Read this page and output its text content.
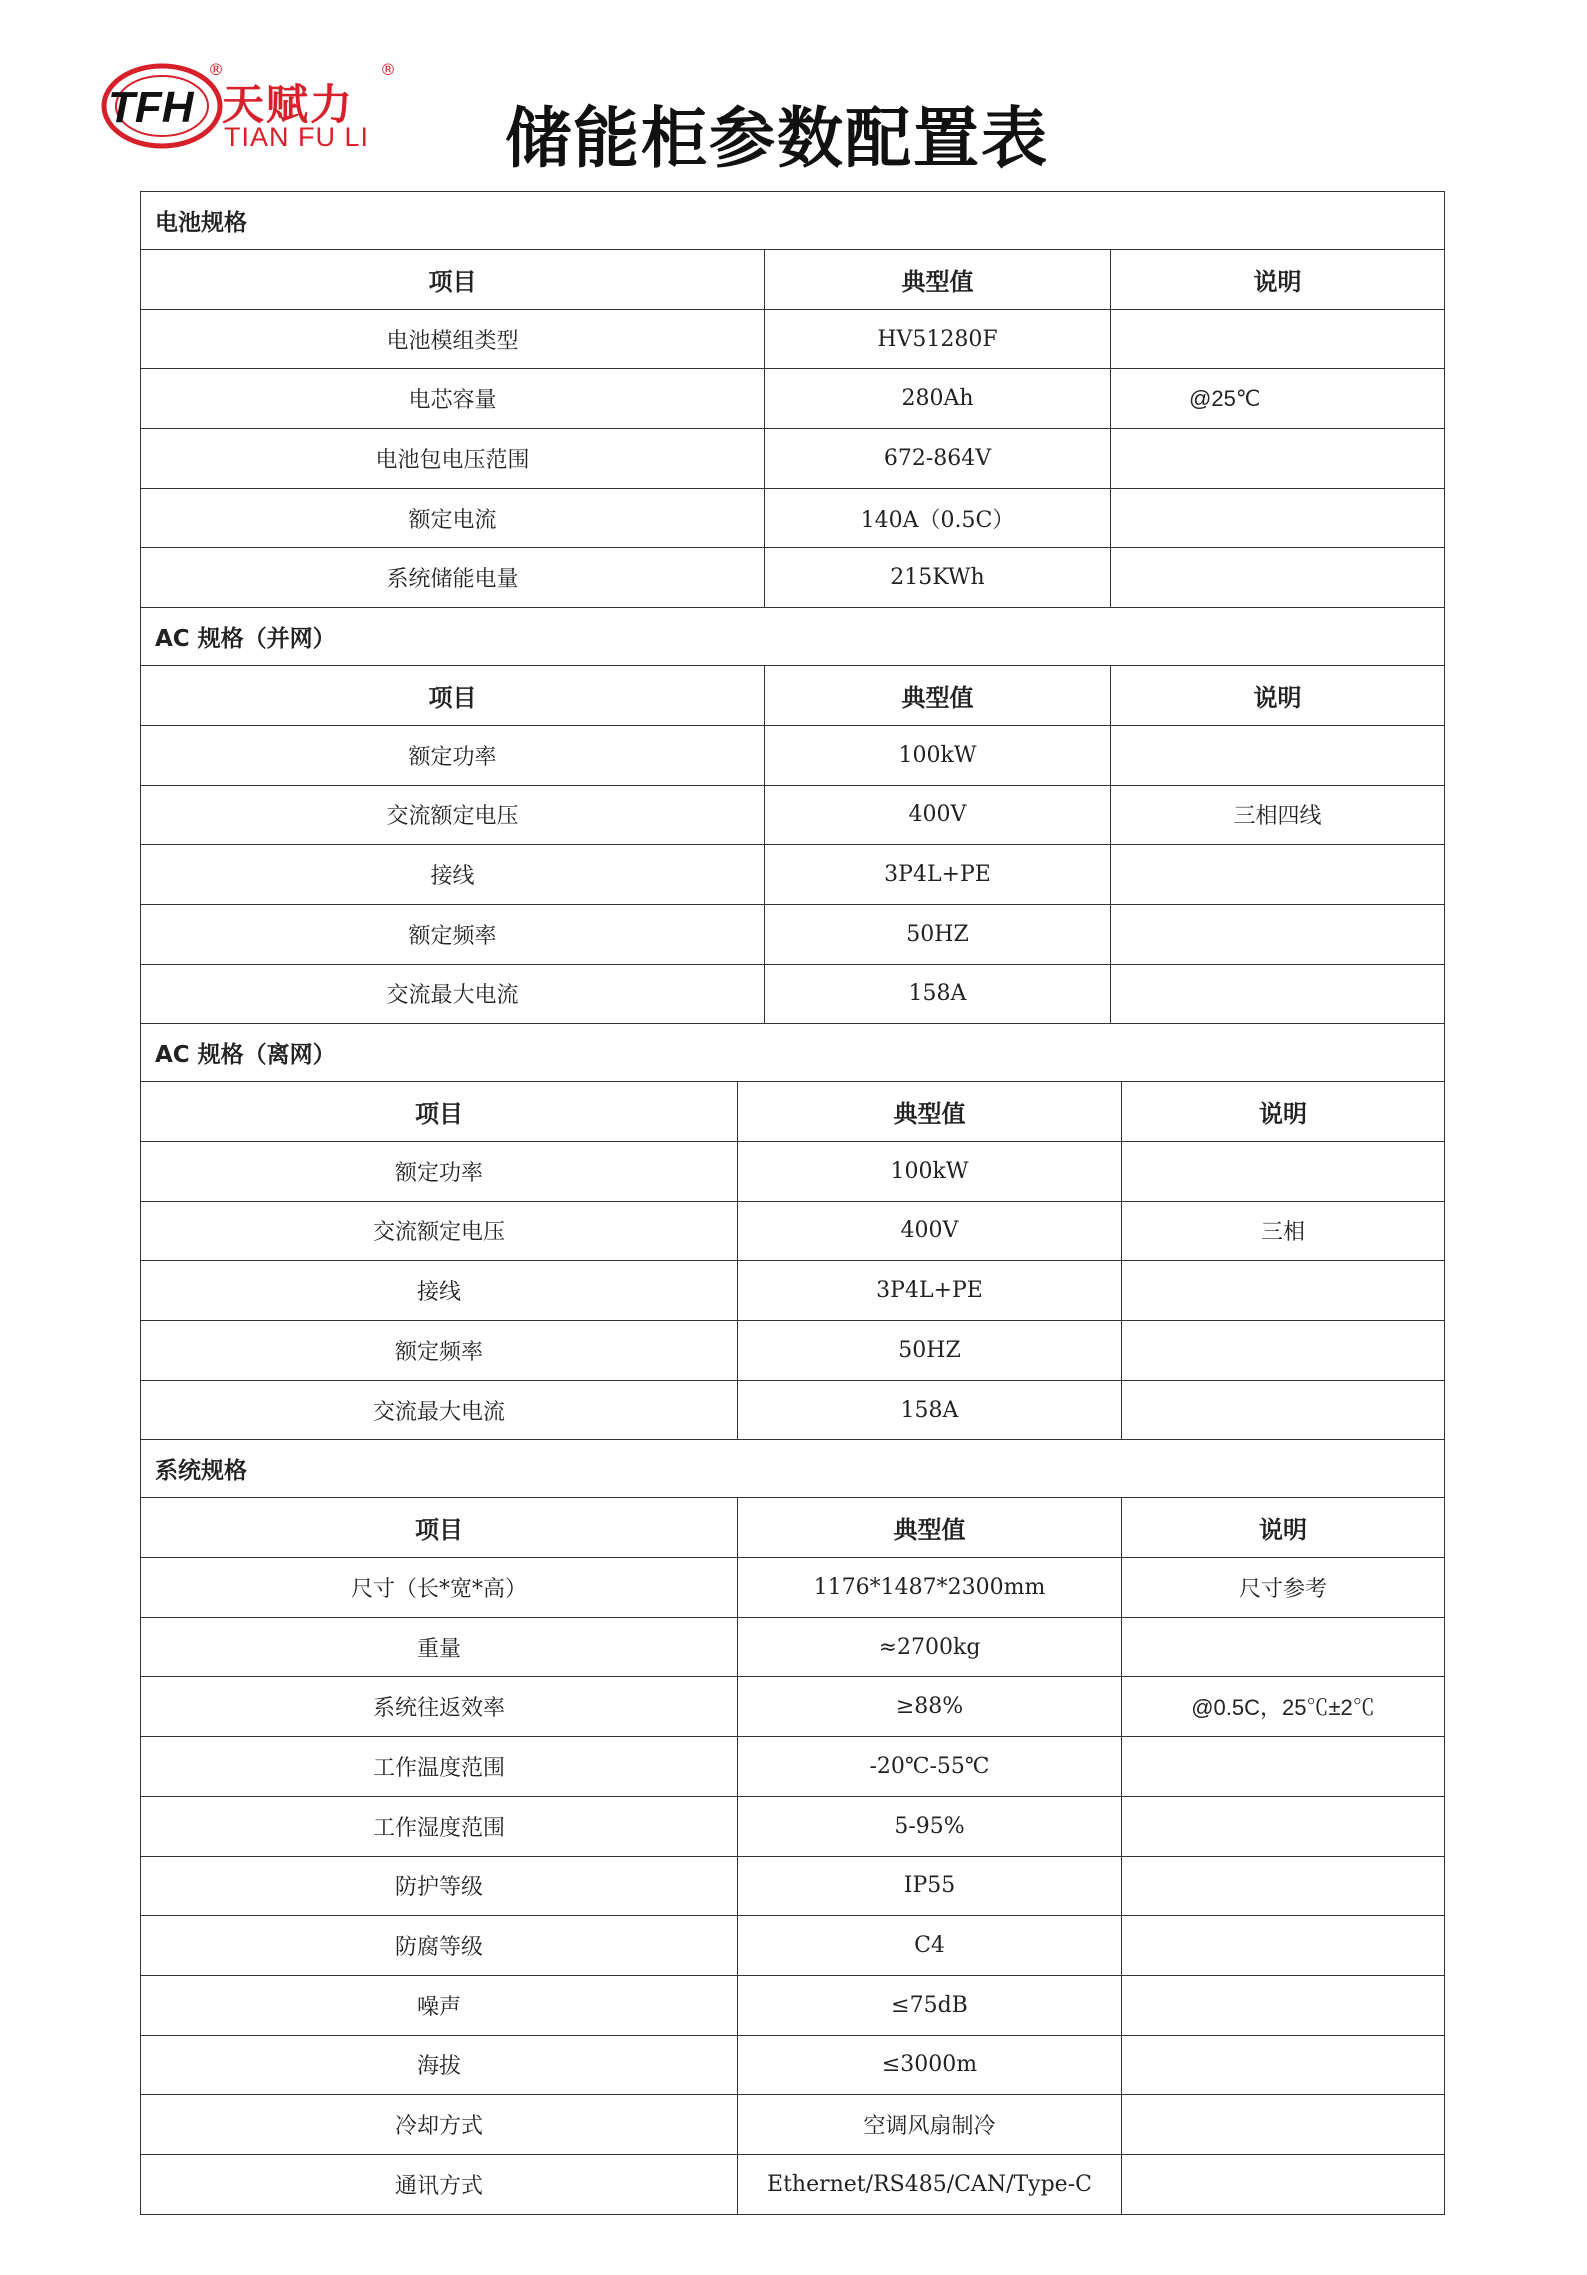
TFH 天赋力
TIAN FU LI
®	®
储能柜参数配置表
电池规格
项目	典型值	说明
电池模组类型	HV51280F
电芯容量	280Ah	@25℃
电池包电压范围	672-864V
额定电流	140A（0.5C）
系统储能电量	215KWh
AC 规格（并网）
项目	典型值	说明
额定功率	100kW
交流额定电压	400V	三相四线
接线	3P4L+PE
额定频率	50HZ
交流最大电流	158A
AC 规格（离网）
项目	典型值	说明
额定功率	100kW
交流额定电压	400V	三相
接线	3P4L+PE
额定频率	50HZ
交流最大电流	158A
系统规格
项目	典型值	说明
尺寸（长*宽*高）	1176*1487*2300mm	尺寸参考
重量	≈2700kg
系统往返效率	≥88%	@0.5C，25℃±2℃
工作温度范围	-20℃-55℃
工作湿度范围	5-95%
防护等级	IP55
防腐等级	C4
噪声	≤75dB
海拔	≤3000m
冷却方式	空调风扇制冷
通讯方式	Ethernet/RS485/CAN/Type-C
